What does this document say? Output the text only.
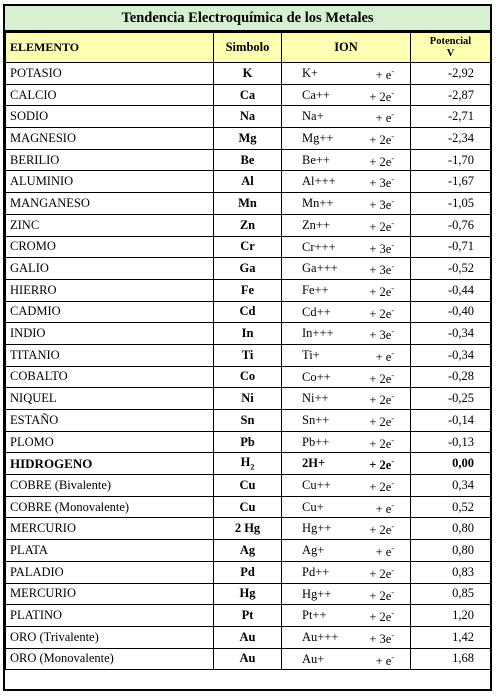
Tendencia Electroquímica de los Metales
ELEMENTO	Simbolo	ION	Potencial
V

POTASIO	K	K+ + e-	-2,92
CALCIO	Ca	Ca++ + 2e-	-2,87
SODIO	Na	Na+ + e-	-2,71
MAGNESIO	Mg	Mg++ + 2e-	-2,34
BERILIO	Be	Be++ + 2e-	-1,70
ALUMINIO	Al	Al+++ + 3e-	-1,67
MANGANESO	Mn	Mn++ + 3e-	-1,05
ZINC	Zn	Zn++ + 2e-	-0,76
CROMO	Cr	Cr+++ + 3e-	-0,71
GALIO	Ga	Ga+++ + 3e-	-0,52
HIERRO	Fe	Fe++ + 2e-	-0,44
CADMIO	Cd	Cd++ + 2e-	-0,40
INDIO	In	In+++ + 3e-	-0,34
TITANIO	Ti	Ti+ + e-	-0,34
COBALTO	Co	Co++ + 2e-	-0,28
NIQUEL	Ni	Ni++ + 2e-	-0,25
ESTAÑO	Sn	Sn++ + 2e-	-0,14
PLOMO	Pb	Pb++ + 2e-	-0,13
HIDROGENO	$H_2$	2H+ + 2e-	0,00
COBRE (Bivalente)	Cu	Cu++ + 2e-	0,34
COBRE (Monovalente)	Cu	Cu+ + e-	0,52
MERCURIO	2 Hg	Hg++ + 2e-	0,80
PLATA	Ag	Ag+ + e-	0,80
PALADIO	Pd	Pd++ + 2e-	0,83
MERCURIO	Hg	Hg++ + 2e-	0,85
PLATINO	Pt	Pt++ + 2e-	1,20
ORO (Trivalente)	Au	Au+++ + 3e-	1,42
ORO (Monovalente)	Au	Au+ + e-	1,68
